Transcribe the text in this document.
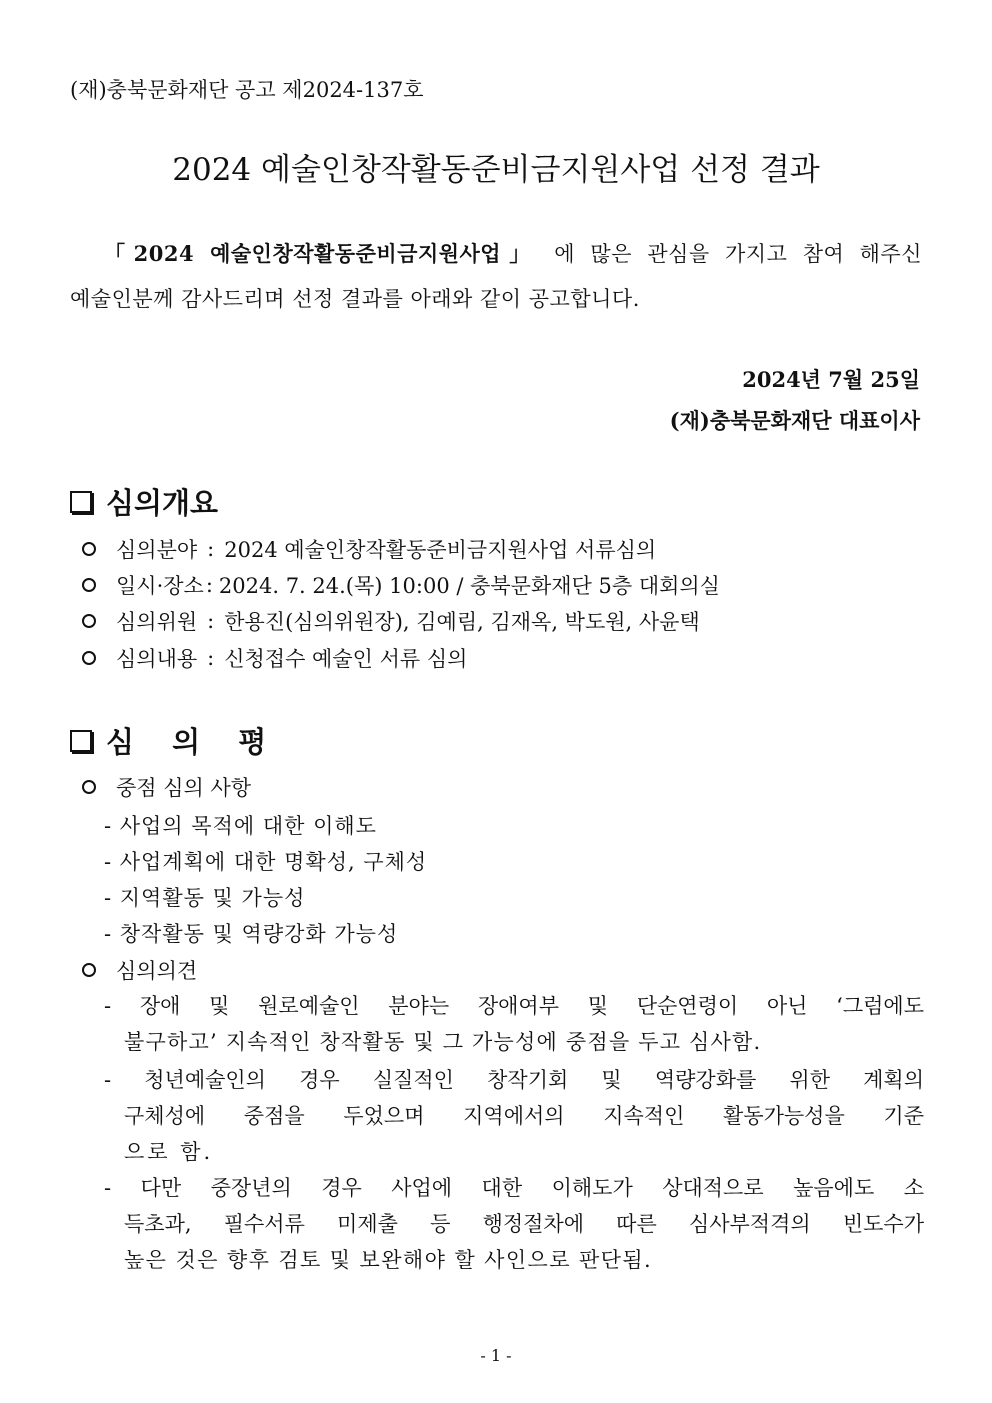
(재)충북문화재단 공고 제2024-137호
2024 예술인창작활동준비금지원사업 선정 결과
「2024 예술인창작활동준비금지원사업」 에 많은 관심을 가지고 참여 해주신
예술인분께 감사드리며 선정 결과를 아래와 같이 공고합니다.
2024년 7월 25일
(재)충북문화재단 대표이사
심의개요
심의분야 : 2024 예술인창작활동준비금지원사업 서류심의
일시·장소 : 2024. 7. 24.(목) 10:00 / 충북문화재단 5층 대회의실
심의위원 : 한용진(심의위원장), 김예림, 김재옥, 박도원, 사윤택
심의내용 : 신청접수 예술인 서류 심의
심 의 평
중점 심의 사항
- 사업의 목적에 대한 이해도
- 사업계획에 대한 명확성, 구체성
- 지역활동 및 가능성
- 창작활동 및 역량강화 가능성
심의의견
- 장애 및 원로예술인 분야는 장애여부 및 단순연령이 아닌 ‘그럼에도
불구하고’ 지속적인 창작활동 및 그 가능성에 중점을 두고 심사함.
- 청년예술인의 경우 실질적인 창작기회 및 역량강화를 위한 계획의
구체성에 중점을 두었으며 지역에서의 지속적인 활동가능성을 기준
으로 함.
- 다만 중장년의 경우 사업에 대한 이해도가 상대적으로 높음에도 소
득초과, 필수서류 미제출 등 행정절차에 따른 심사부적격의 빈도수가
높은 것은 향후 검토 및 보완해야 할 사인으로 판단됨.
- 1 -
